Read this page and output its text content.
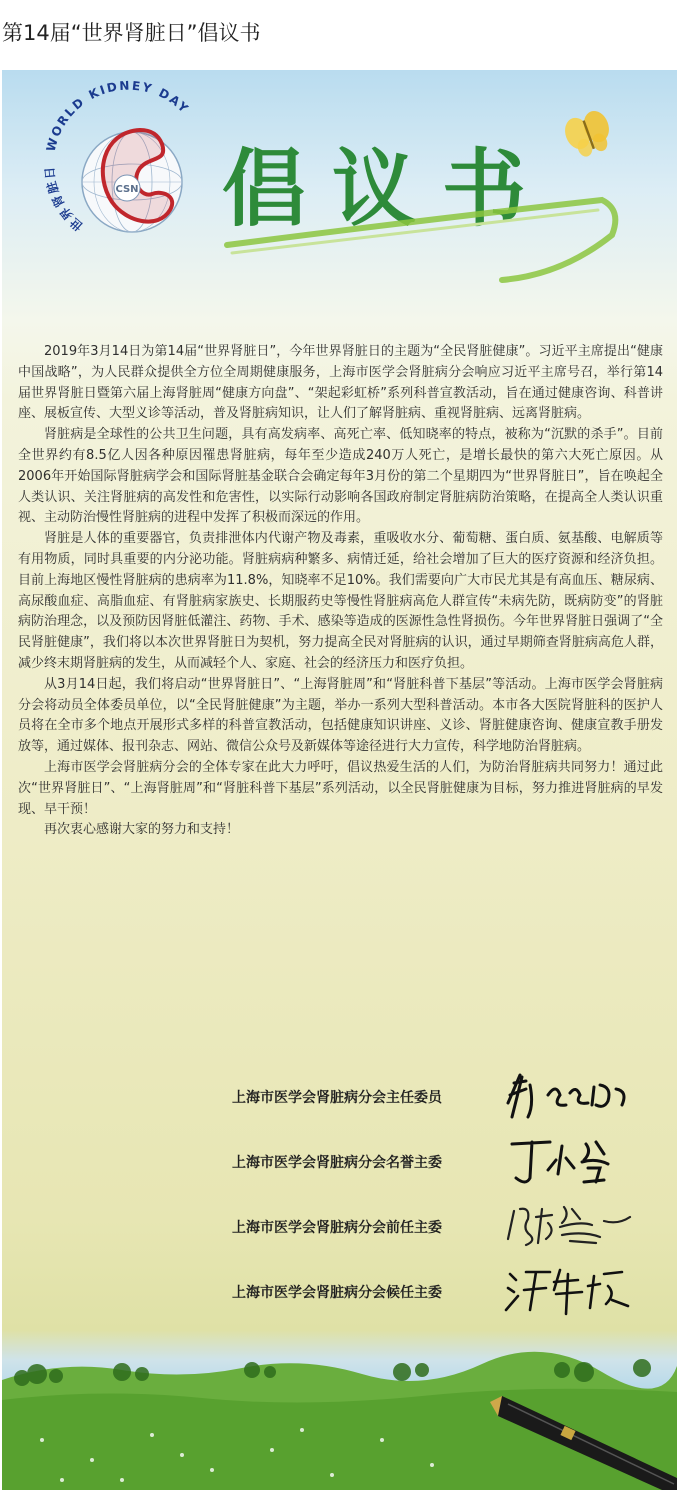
第14届“世界肾脏日”倡议书
CSN
世界肾脏日 WORLD KIDNEY DAY
倡议书

2019年3月14日为第14届“世界肾脏日”，今年世界肾脏日的主题为“全民肾脏健康”。习近平主席提出“健康中国战略”，为人民群众提供全方位全周期健康服务，上海市医学会肾脏病分会响应习近平主席号召，举行第14届世界肾脏日暨第六届上海肾脏周“健康方向盘”、“架起彩虹桥”系列科普宣教活动，旨在通过健康咨询、科普讲座、展板宣传、大型义诊等活动，普及肾脏病知识，让人们了解肾脏病、重视肾脏病、远离肾脏病。

肾脏病是全球性的公共卫生问题，具有高发病率、高死亡率、低知晓率的特点，被称为“沉默的杀手”。目前全世界约有8.5亿人因各种原因罹患肾脏病，每年至少造成240万人死亡，是增长最快的第六大死亡原因。从2006年开始国际肾脏病学会和国际肾脏基金联合会确定每年3月份的第二个星期四为“世界肾脏日”，旨在唤起全人类认识、关注肾脏病的高发性和危害性，以实际行动影响各国政府制定肾脏病防治策略，在提高全人类认识重视、主动防治慢性肾脏病的进程中发挥了积极而深远的作用。

肾脏是人体的重要器官，负责排泄体内代谢产物及毒素，重吸收水分、葡萄糖、蛋白质、氨基酸、电解质等有用物质，同时具重要的内分泌功能。肾脏病病种繁多、病情迁延，给社会增加了巨大的医疗资源和经济负担。目前上海地区慢性肾脏病的患病率为11.8%，知晓率不足10%。我们需要向广大市民尤其是有高血压、糖尿病、高尿酸血症、高脂血症、有肾脏病家族史、长期服药史等慢性肾脏病高危人群宣传“未病先防，既病防变”的肾脏病防治理念，以及预防因肾脏低灌注、药物、手术、感染等造成的医源性急性肾损伤。今年世界肾脏日强调了“全民肾脏健康”，我们将以本次世界肾脏日为契机，努力提高全民对肾脏病的认识，通过早期筛查肾脏病高危人群，减少终末期肾脏病的发生，从而减轻个人、家庭、社会的经济压力和医疗负担。

从3月14日起，我们将启动“世界肾脏日”、“上海肾脏周”和“肾脏科普下基层”等活动。上海市医学会肾脏病分会将动员全体委员单位，以“全民肾脏健康”为主题，举办一系列大型科普活动。本市各大医院肾脏科的医护人员将在全市多个地点开展形式多样的科普宣教活动，包括健康知识讲座、义诊、肾脏健康咨询、健康宣教手册发放等，通过媒体、报刊杂志、网站、微信公众号及新媒体等途径进行大力宣传，科学地防治肾脏病。

上海市医学会肾脏病分会的全体专家在此大力呼吁，倡议热爱生活的人们，为防治肾脏病共同努力！通过此次“世界肾脏日”、“上海肾脏周”和“肾脏科普下基层”系列活动，以全民肾脏健康为目标，努力推进肾脏病的早发现、早干预！

再次衷心感谢大家的努力和支持！

上海市医学会肾脏病分会主任委员
上海市医学会肾脏病分会名誉主委
上海市医学会肾脏病分会前任主委
上海市医学会肾脏病分会候任主委
